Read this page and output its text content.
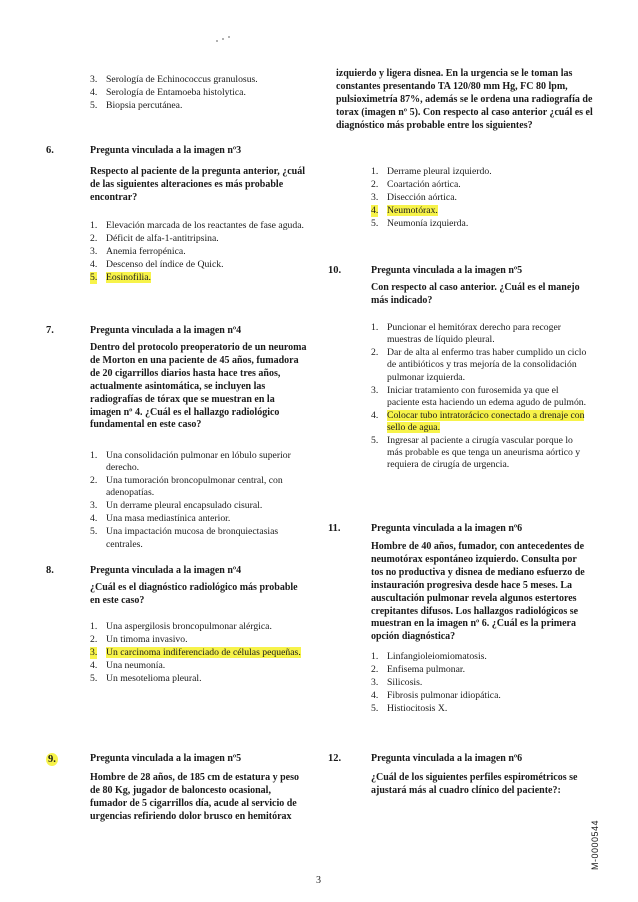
3. Serología de Echinococcus granulosus.
4. Serología de Entamoeba histolytica.
5. Biopsia percutánea.
6.	Pregunta vinculada a la imagen nº3
Respecto al paciente de la pregunta anterior, ¿cuál de las siguientes alteraciones es más probable encontrar?
1. Elevación marcada de los reactantes de fase aguda.
2. Déficit de alfa-1-antitripsina.
3. Anemia ferropénica.
4. Descenso del índice de Quick.
5. Eosinofilia.
7.	Pregunta vinculada a la imagen nº4
Dentro del protocolo preoperatorio de un neuroma de Morton en una paciente de 45 años, fumadora de 20 cigarrillos diarios hasta hace tres años, actualmente asintomática, se incluyen las radiografías de tórax que se muestran en la imagen nº 4. ¿Cuál es el hallazgo radiológico fundamental en este caso?
1. Una consolidación pulmonar en lóbulo superior derecho.
2. Una tumoración broncopulmonar central, con adenopatías.
3. Un derrame pleural encapsulado cisural.
4. Una masa mediastínica anterior.
5. Una impactación mucosa de bronquiectasias centrales.
8.	Pregunta vinculada a la imagen nº4
¿Cuál es el diagnóstico radiológico más probable en este caso?
1. Una aspergilosis broncopulmonar alérgica.
2. Un timoma invasivo.
3. Un carcinoma indiferenciado de células pequeñas.
4. Una neumonía.
5. Un mesotelioma pleural.
9.	Pregunta vinculada a la imagen nº5
Hombre de 28 años, de 185 cm de estatura y peso de 80 Kg, jugador de baloncesto ocasional, fumador de 5 cigarrillos día, acude al servicio de urgencias refiriendo dolor brusco en hemitórax
izquierdo y ligera disnea. En la urgencia se le toman las constantes presentando TA 120/80 mm Hg, FC 80 lpm, pulsioximetría 87%, además se le ordena una radiografía de torax (imagen nº 5). Con respecto al caso anterior ¿cuál es el diagnóstico más probable entre los siguientes?
1. Derrame pleural izquierdo.
2. Coartación aórtica.
3. Disección aórtica.
4. Neumotórax.
5. Neumonía izquierda.
10.	Pregunta vinculada a la imagen nº5
Con respecto al caso anterior. ¿Cuál es el manejo más indicado?
1. Puncionar el hemitórax derecho para recoger muestras de líquido pleural.
2. Dar de alta al enfermo tras haber cumplido un ciclo de antibióticos y tras mejoría de la consolidación pulmonar izquierda.
3. Iniciar tratamiento con furosemida ya que el paciente esta haciendo un edema agudo de pulmón.
4. Colocar tubo intratorácico conectado a drenaje con sello de agua.
5. Ingresar al paciente a cirugía vascular porque lo más probable es que tenga un aneurisma aórtico y requiera de cirugía de urgencia.
11.	Pregunta vinculada a la imagen nº6
Hombre de 40 años, fumador, con antecedentes de neumotórax espontáneo izquierdo. Consulta por tos no productiva y disnea de mediano esfuerzo de instauración progresiva desde hace 5 meses. La auscultación pulmonar revela algunos estertores crepitantes difusos. Los hallazgos radiológicos se muestran en la imagen nº 6. ¿Cuál es la primera opción diagnóstica?
1. Linfangioleiomiomatosis.
2. Enfisema pulmonar.
3. Silicosis.
4. Fibrosis pulmonar idiopática.
5. Histiocitosis X.
12.	Pregunta vinculada a la imagen nº6
¿Cuál de los siguientes perfiles espirométricos se ajustará más al cuadro clínico del paciente?:
3
M-0000544
